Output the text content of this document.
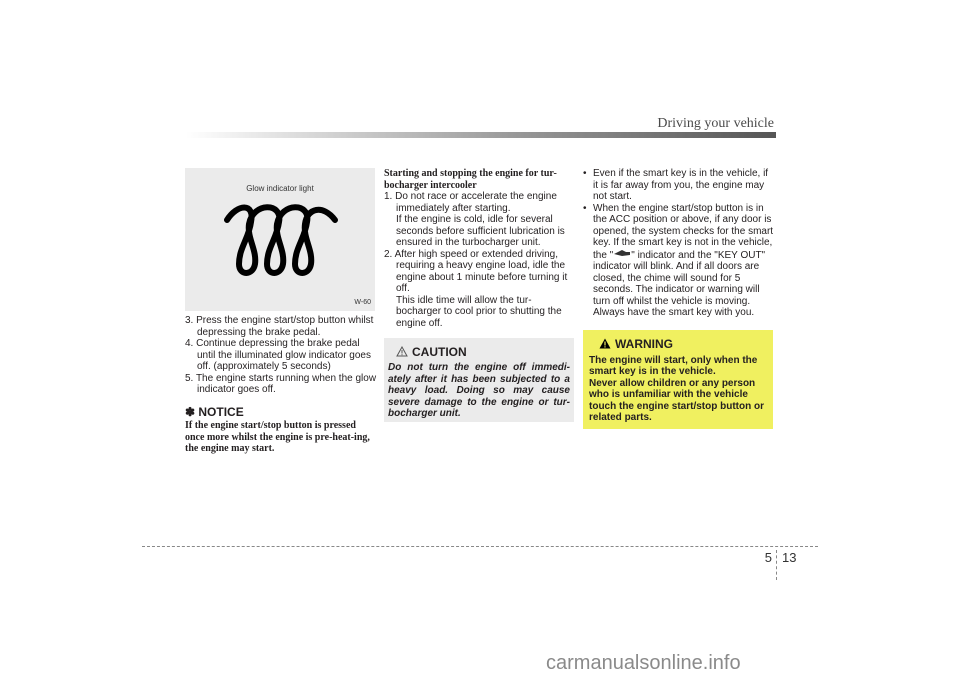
Driving your vehicle
Glow indicator light
W-60
3. Press the engine start/stop button whilst depressing the brake pedal.
4. Continue depressing the brake pedal until the illuminated glow indicator goes off. (approximately 5 seconds)
5. The engine starts running when the glow indicator goes off.
✽ NOTICE
If the engine start/stop button is pressed once more whilst the engine is pre-heat-ing, the engine may start.
Starting and stopping the engine for tur-bocharger intercooler
1. Do not race or accelerate the engine immediately after starting.

If the engine is cold, idle for several seconds before sufficient lubrication is ensured in the turbocharger unit.

2. After high speed or extended driving, requiring a heavy engine load, idle the engine about 1 minute before turning it off.

This idle time will allow the tur-bocharger to cool prior to shutting the engine off.

CAUTION
Do not turn the engine off immedi-ately after it has been subjected to a heavy load. Doing so may cause severe damage to the engine or tur-bocharger unit.
• Even if the smart key is in the vehicle, if it is far away from you, the engine may not start.
• When the engine start/stop button is in the ACC position or above, if any door is opened, the system checks for the smart key. If the smart key is not in the vehicle, the " " indicator and the "KEY OUT" indicator will blink. And if all doors are closed, the chime will sound for 5 seconds. The indicator or warning will turn off whilst the vehicle is moving. Always have the smart key with you.
WARNING

The engine will start, only when the smart key is in the vehicle.

Never allow children or any person who is unfamiliar with the vehicle touch the engine start/stop button or related parts.

5 13
carmanualsonline.info
